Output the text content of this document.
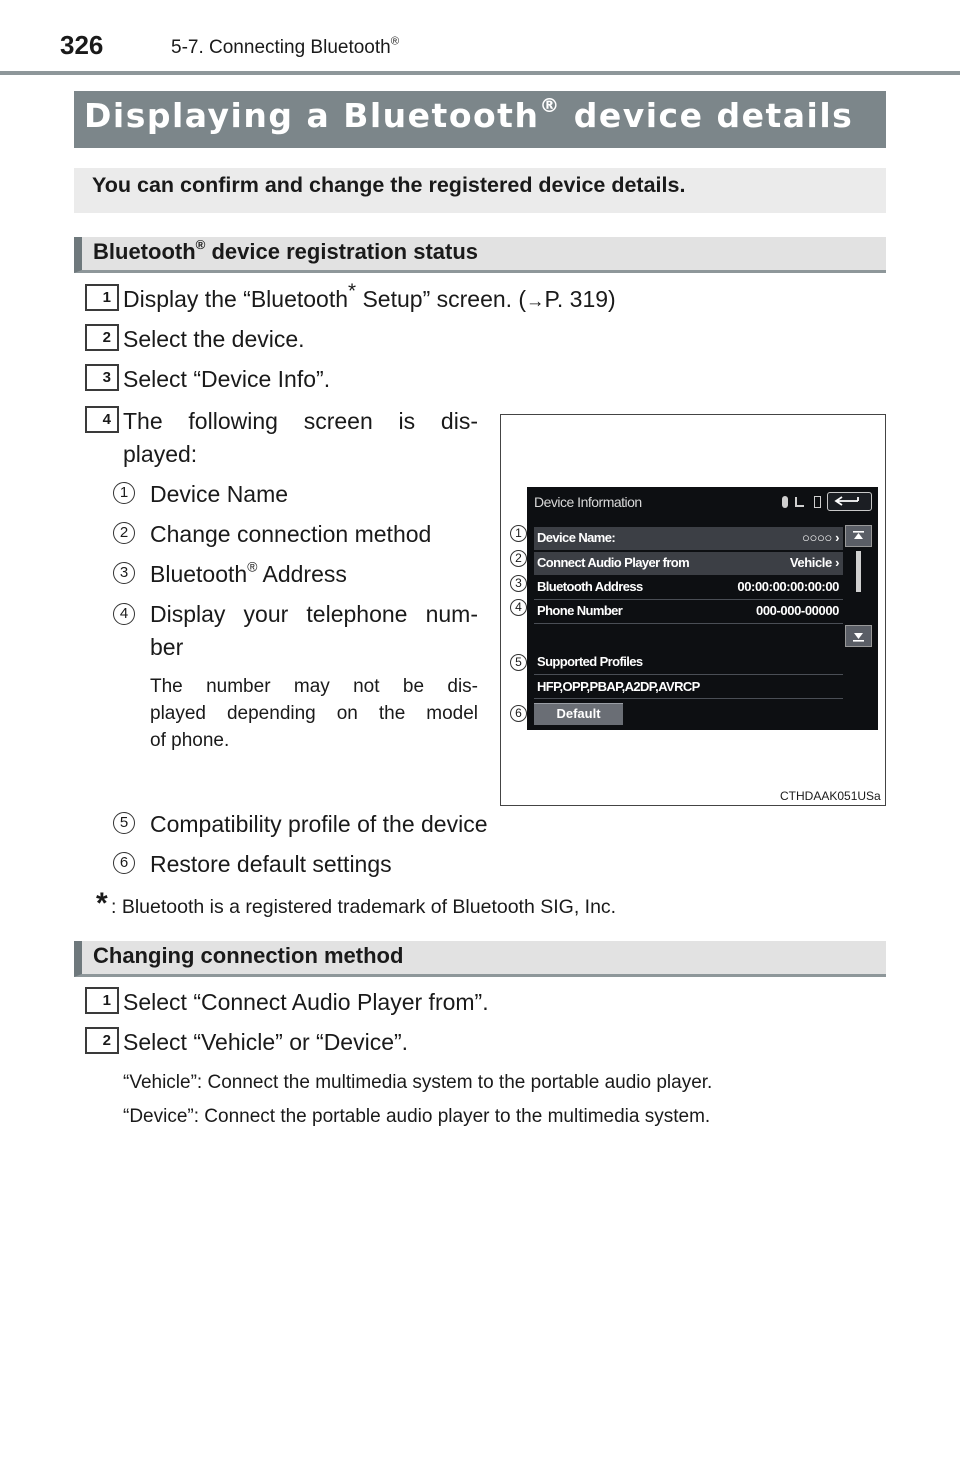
326	5-7. Connecting Bluetooth®
Displaying a Bluetooth® device details
You can confirm and change the registered device details.
Bluetooth® device registration status
1 Display the “Bluetooth* Setup” screen. (→P. 319)
2 Select the device.
3 Select “Device Info”.
4 The following screen is dis-
played:
1 Device Name
2 Change connection method
3 Bluetooth® Address
4 Display your telephone num-
ber
The number may not be dis-
played depending on the model
of phone.
Device Information
Device Name:	○○○○ ›
Connect Audio Player from	Vehicle ›
Bluetooth Address	00:00:00:00:00:00
Phone Number	000-000-00000
Supported Profiles
HFP,OPP,PBAP,A2DP,AVRCP
Default
1
2
3
4
5
6
CTHDAAK051USa
5 Compatibility profile of the device
6 Restore default settings
* : Bluetooth is a registered trademark of Bluetooth SIG, Inc.
Changing connection method
1 Select “Connect Audio Player from”.
2 Select “Vehicle” or “Device”.
“Vehicle”: Connect the multimedia system to the portable audio player.
“Device”: Connect the portable audio player to the multimedia system.
